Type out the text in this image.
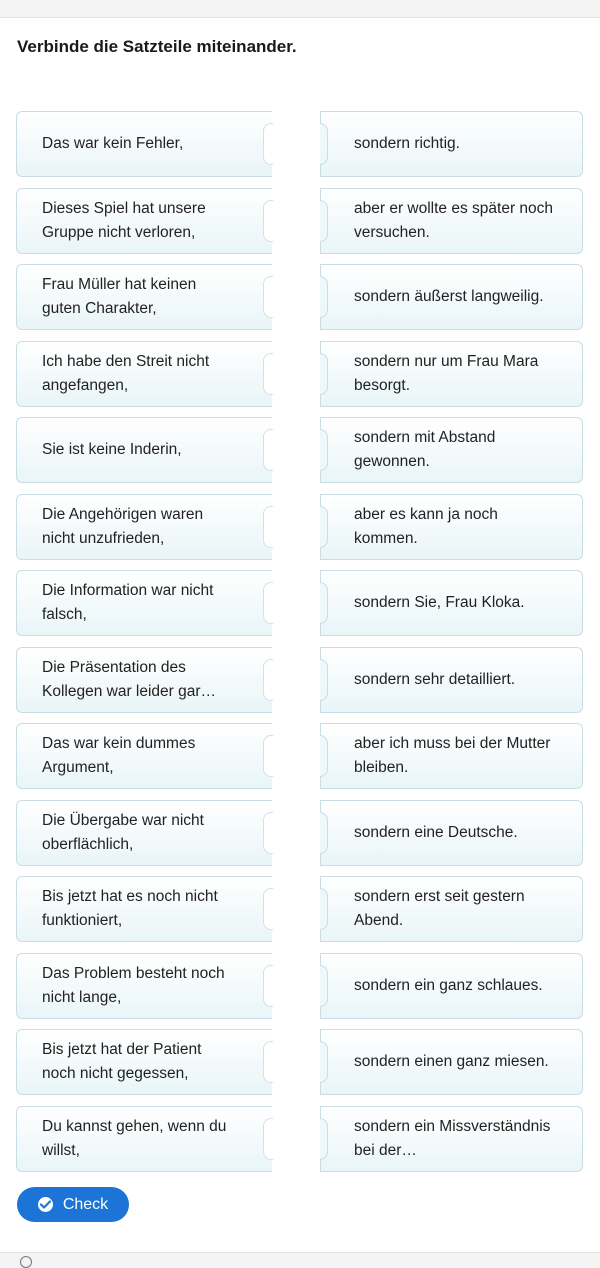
Verbinde die Satzteile miteinander.
Das war kein Fehler,	sondern richtig.
Dieses Spiel hat unsere Gruppe nicht verloren,
aber er wollte es später noch versuchen.
Frau Müller hat keinen guten Charakter,
sondern äußerst langweilig.
Ich habe den Streit nicht angefangen,
sondern nur um Frau Mara besorgt.
Sie ist keine Inderin,
sondern mit Abstand gewonnen.
Die Angehörigen waren nicht unzufrieden,
aber es kann ja noch kommen.
Die Information war nicht falsch,
sondern Sie, Frau Kloka.
Die Präsentation des Kollegen war leider gar…
sondern sehr detailliert.
Das war kein dummes Argument,
aber ich muss bei der Mutter bleiben.
Die Übergabe war nicht oberflächlich,
sondern eine Deutsche.
Bis jetzt hat es noch nicht funktioniert,
sondern erst seit gestern Abend.
Das Problem besteht noch nicht lange,
sondern ein ganz schlaues.
Bis jetzt hat der Patient noch nicht gegessen,
sondern einen ganz miesen.
Du kannst gehen, wenn du willst,
sondern ein Missverständnis bei der…
Check
